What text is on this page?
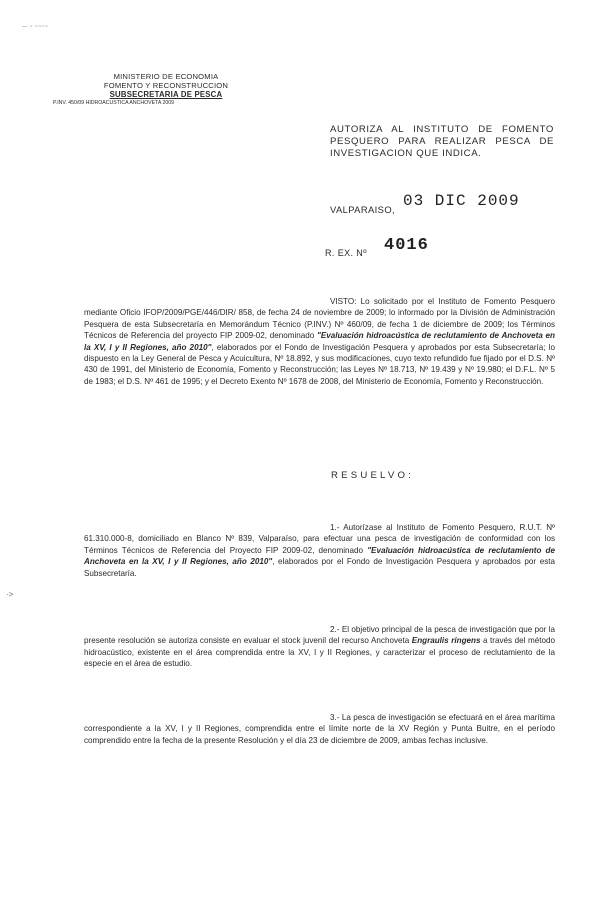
— ~ ~~~~
MINISTERIO DE ECONOMIA
FOMENTO Y RECONSTRUCCION
SUBSECRETARIA DE PESCA
P.INV. 450/09 HIDROACUSTICA ANCHOVETA 2009
AUTORIZA AL INSTITUTO DE FOMENTO PESQUERO PARA REALIZAR PESCA DE INVESTIGACION QUE INDICA.
VALPARAISO, 03 DIC 2009
R. EX. Nº 4016
VISTO: Lo solicitado por el Instituto de Fomento Pesquero mediante Oficio IFOP/2009/PGE/446/DIR/ 858, de fecha 24 de noviembre de 2009; lo informado por la División de Administración Pesquera de esta Subsecretaría en Memorándum Técnico (P.INV.) Nº 460/09, de fecha 1 de diciembre de 2009; los Términos Técnicos de Referencia del proyecto FIP 2009-02, denominado "Evaluación hidroacústica de reclutamiento de Anchoveta en la XV, I y II Regiones, año 2010", elaborados por el Fondo de Investigación Pesquera y aprobados por esta Subsecretaría; lo dispuesto en la Ley General de Pesca y Acuicultura, Nº 18.892, y sus modificaciones, cuyo texto refundido fue fijado por el D.S. Nº 430 de 1991, del Ministerio de Economía, Fomento y Reconstrucción; las Leyes Nº 18.713, Nº 19.439 y Nº 19.980; el D.F.L. Nº 5 de 1983; el D.S. Nº 461 de 1995; y el Decreto Exento Nº 1678 de 2008, del Ministerio de Economía, Fomento y Reconstrucción.
RESUELVO:
1.- Autorízase al Instituto de Fomento Pesquero, R.U.T. Nº 61.310.000-8, domiciliado en Blanco Nº 839, Valparaíso, para efectuar una pesca de investigación de conformidad con los Términos Técnicos de Referencia del Proyecto FIP 2009-02, denominado "Evaluación hidroacústica de reclutamiento de Anchoveta en la XV, I y II Regiones, año 2010", elaborados por el Fondo de Investigación Pesquera y aprobados por esta Subsecretaría.
·>
2.- El objetivo principal de la pesca de investigación que por la presente resolución se autoriza consiste en evaluar el stock juvenil del recurso Anchoveta Engraulis ringens a través del método hidroacústico, existente en el área comprendida entre la XV, I y II Regiones, y caracterizar el proceso de reclutamiento de la especie en el área de estudio.
3.- La pesca de investigación se efectuará en el área marítima correspondiente a la XV, I y II Regiones, comprendida entre el límite norte de la XV Región y Punta Buitre, en el período comprendido entre la fecha de la presente Resolución y el día 23 de diciembre de 2009, ambas fechas inclusive.
